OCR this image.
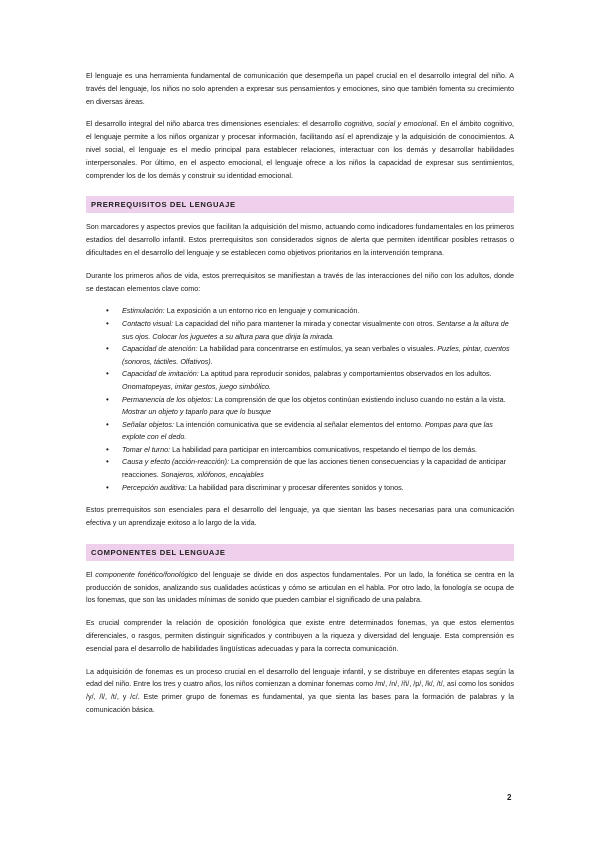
El lenguaje es una herramienta fundamental de comunicación que desempeña un papel crucial en el desarrollo integral del niño. A través del lenguaje, los niños no solo aprenden a expresar sus pensamientos y emociones, sino que también fomenta su crecimiento en diversas áreas.

El desarrollo integral del niño abarca tres dimensiones esenciales: el desarrollo cognitivo, social y emocional. En el ámbito cognitivo, el lenguaje permite a los niños organizar y procesar información, facilitando así el aprendizaje y la adquisición de conocimientos. A nivel social, el lenguaje es el medio principal para establecer relaciones, interactuar con los demás y desarrollar habilidades interpersonales. Por último, en el aspecto emocional, el lenguaje ofrece a los niños la capacidad de expresar sus sentimientos, comprender los de los demás y construir su identidad emocional.

PRERREQUISITOS DEL LENGUAJE

Son marcadores y aspectos previos que facilitan la adquisición del mismo, actuando como indicadores fundamentales en los primeros estadios del desarrollo infantil. Estos prerrequisitos son considerados signos de alerta que permiten identificar posibles retrasos o dificultades en el desarrollo del lenguaje y se establecen como objetivos prioritarios en la intervención temprana.

Durante los primeros años de vida, estos prerrequisitos se manifiestan a través de las interacciones del niño con los adultos, donde se destacan elementos clave como:

• Estimulación: La exposición a un entorno rico en lenguaje y comunicación.
• Contacto visual: La capacidad del niño para mantener la mirada y conectar visualmente con otros. Sentarse a la altura de sus ojos. Colocar los juguetes a su altura para que dirija la mirada.
• Capacidad de atención: La habilidad para concentrarse en estímulos, ya sean verbales o visuales. Puzles, pintar, cuentos (sonoros, táctiles. Olfativos).
• Capacidad de imitación: La aptitud para reproducir sonidos, palabras y comportamientos observados en los adultos. Onomatopeyas, imitar gestos, juego simbólico.
• Permanencia de los objetos: La comprensión de que los objetos continúan existiendo incluso cuando no están a la vista. Mostrar un objeto y taparlo para que lo busque
• Señalar objetos: La intención comunicativa que se evidencia al señalar elementos del entorno. Pompas para que las explote con el dedo.
• Tomar el turno: La habilidad para participar en intercambios comunicativos, respetando el tiempo de los demás.
• Causa y efecto (acción-reacción): La comprensión de que las acciones tienen consecuencias y la capacidad de anticipar reacciones. Sonajeros, xilófonos, encajables
• Percepción auditiva: La habilidad para discriminar y procesar diferentes sonidos y tonos.

Estos prerrequisitos son esenciales para el desarrollo del lenguaje, ya que sientan las bases necesarias para una comunicación efectiva y un aprendizaje exitoso a lo largo de la vida.

COMPONENTES DEL LENGUAJE

El componente fonético/fonológico del lenguaje se divide en dos aspectos fundamentales. Por un lado, la fonética se centra en la producción de sonidos, analizando sus cualidades acústicas y cómo se articulan en el habla. Por otro lado, la fonología se ocupa de los fonemas, que son las unidades mínimas de sonido que pueden cambiar el significado de una palabra.

Es crucial comprender la relación de oposición fonológica que existe entre determinados fonemas, ya que estos elementos diferenciales, o rasgos, permiten distinguir significados y contribuyen a la riqueza y diversidad del lenguaje. Esta comprensión es esencial para el desarrollo de habilidades lingüísticas adecuadas y para la correcta comunicación.

La adquisición de fonemas es un proceso crucial en el desarrollo del lenguaje infantil, y se distribuye en diferentes etapas según la edad del niño. Entre los tres y cuatro años, los niños comienzan a dominar fonemas como /m/, /n/, /ñ/, /p/, /k/, /t/, así como los sonidos /y/, /l/, /t/, y /c/. Este primer grupo de fonemas es fundamental, ya que sienta las bases para la formación de palabras y la comunicación básica.

2
